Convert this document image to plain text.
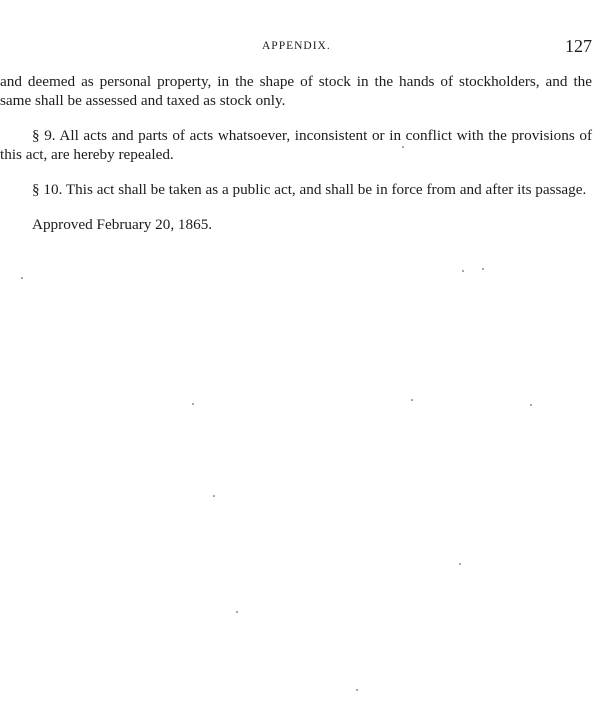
APPENDIX.	127

and deemed as personal property, in the shape of stock in the hands of stockholders, and the same shall be assessed and taxed as stock only.

§ 9. All acts and parts of acts whatsoever, inconsistent or in conflict with the provisions of this act, are hereby repealed.

§ 10. This act shall be taken as a public act, and shall be in force from and after its passage.

Approved February 20, 1865.
